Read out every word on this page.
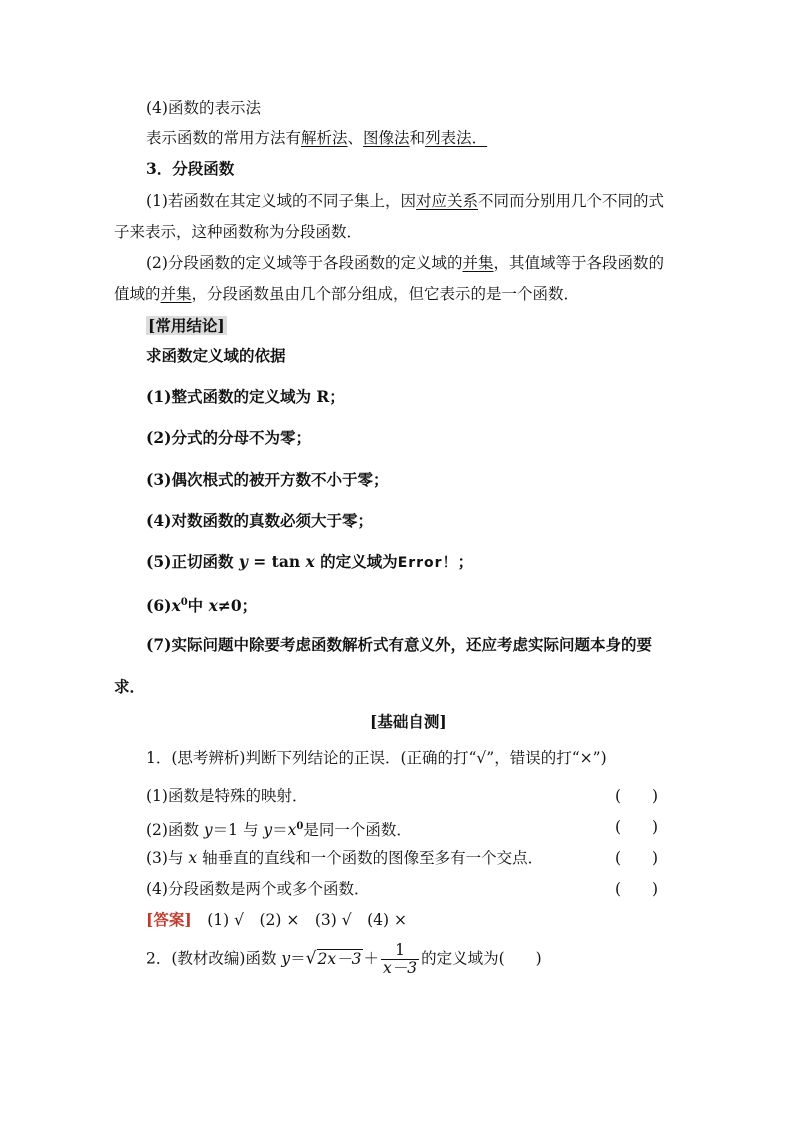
(4)函数的表示法
表示函数的常用方法有解析法、图像法和列表法．
3．分段函数
(1)若函数在其定义域的不同子集上，因对应关系不同而分别用几个不同的式
子来表示，这种函数称为分段函数．
(2)分段函数的定义域等于各段函数的定义域的并集，其值域等于各段函数的
值域的并集，分段函数虽由几个部分组成，但它表示的是一个函数．
[常用结论]
求函数定义域的依据
(1)整式函数的定义域为 R；
(2)分式的分母不为零；
(3)偶次根式的被开方数不小于零；
(4)对数函数的真数必须大于零；
(5)正切函数 y = tan x 的定义域为Error！；
$(6)x^0$中 x≠0；
(7)实际问题中除要考虑函数解析式有意义外，还应考虑实际问题本身的要
求．
[基础自测]
1．(思考辨析)判断下列结论的正误．(正确的打“√”，错误的打“×”)
(1)函数是特殊的映射．	(　　)
(2)函数 y＝1 与 $y=x^0$是同一个函数．	(　　)
(3)与 x 轴垂直的直线和一个函数的图像至多有一个交点．	(　　)
(4)分段函数是两个或多个函数．	(　　)
[答案]　 (1) √　(2) ×　(3) √　(4) ×
2．(教材改编)函数 $y=√2x-3 + \frac{1}{x-3}$ 的定义域为(　　)
